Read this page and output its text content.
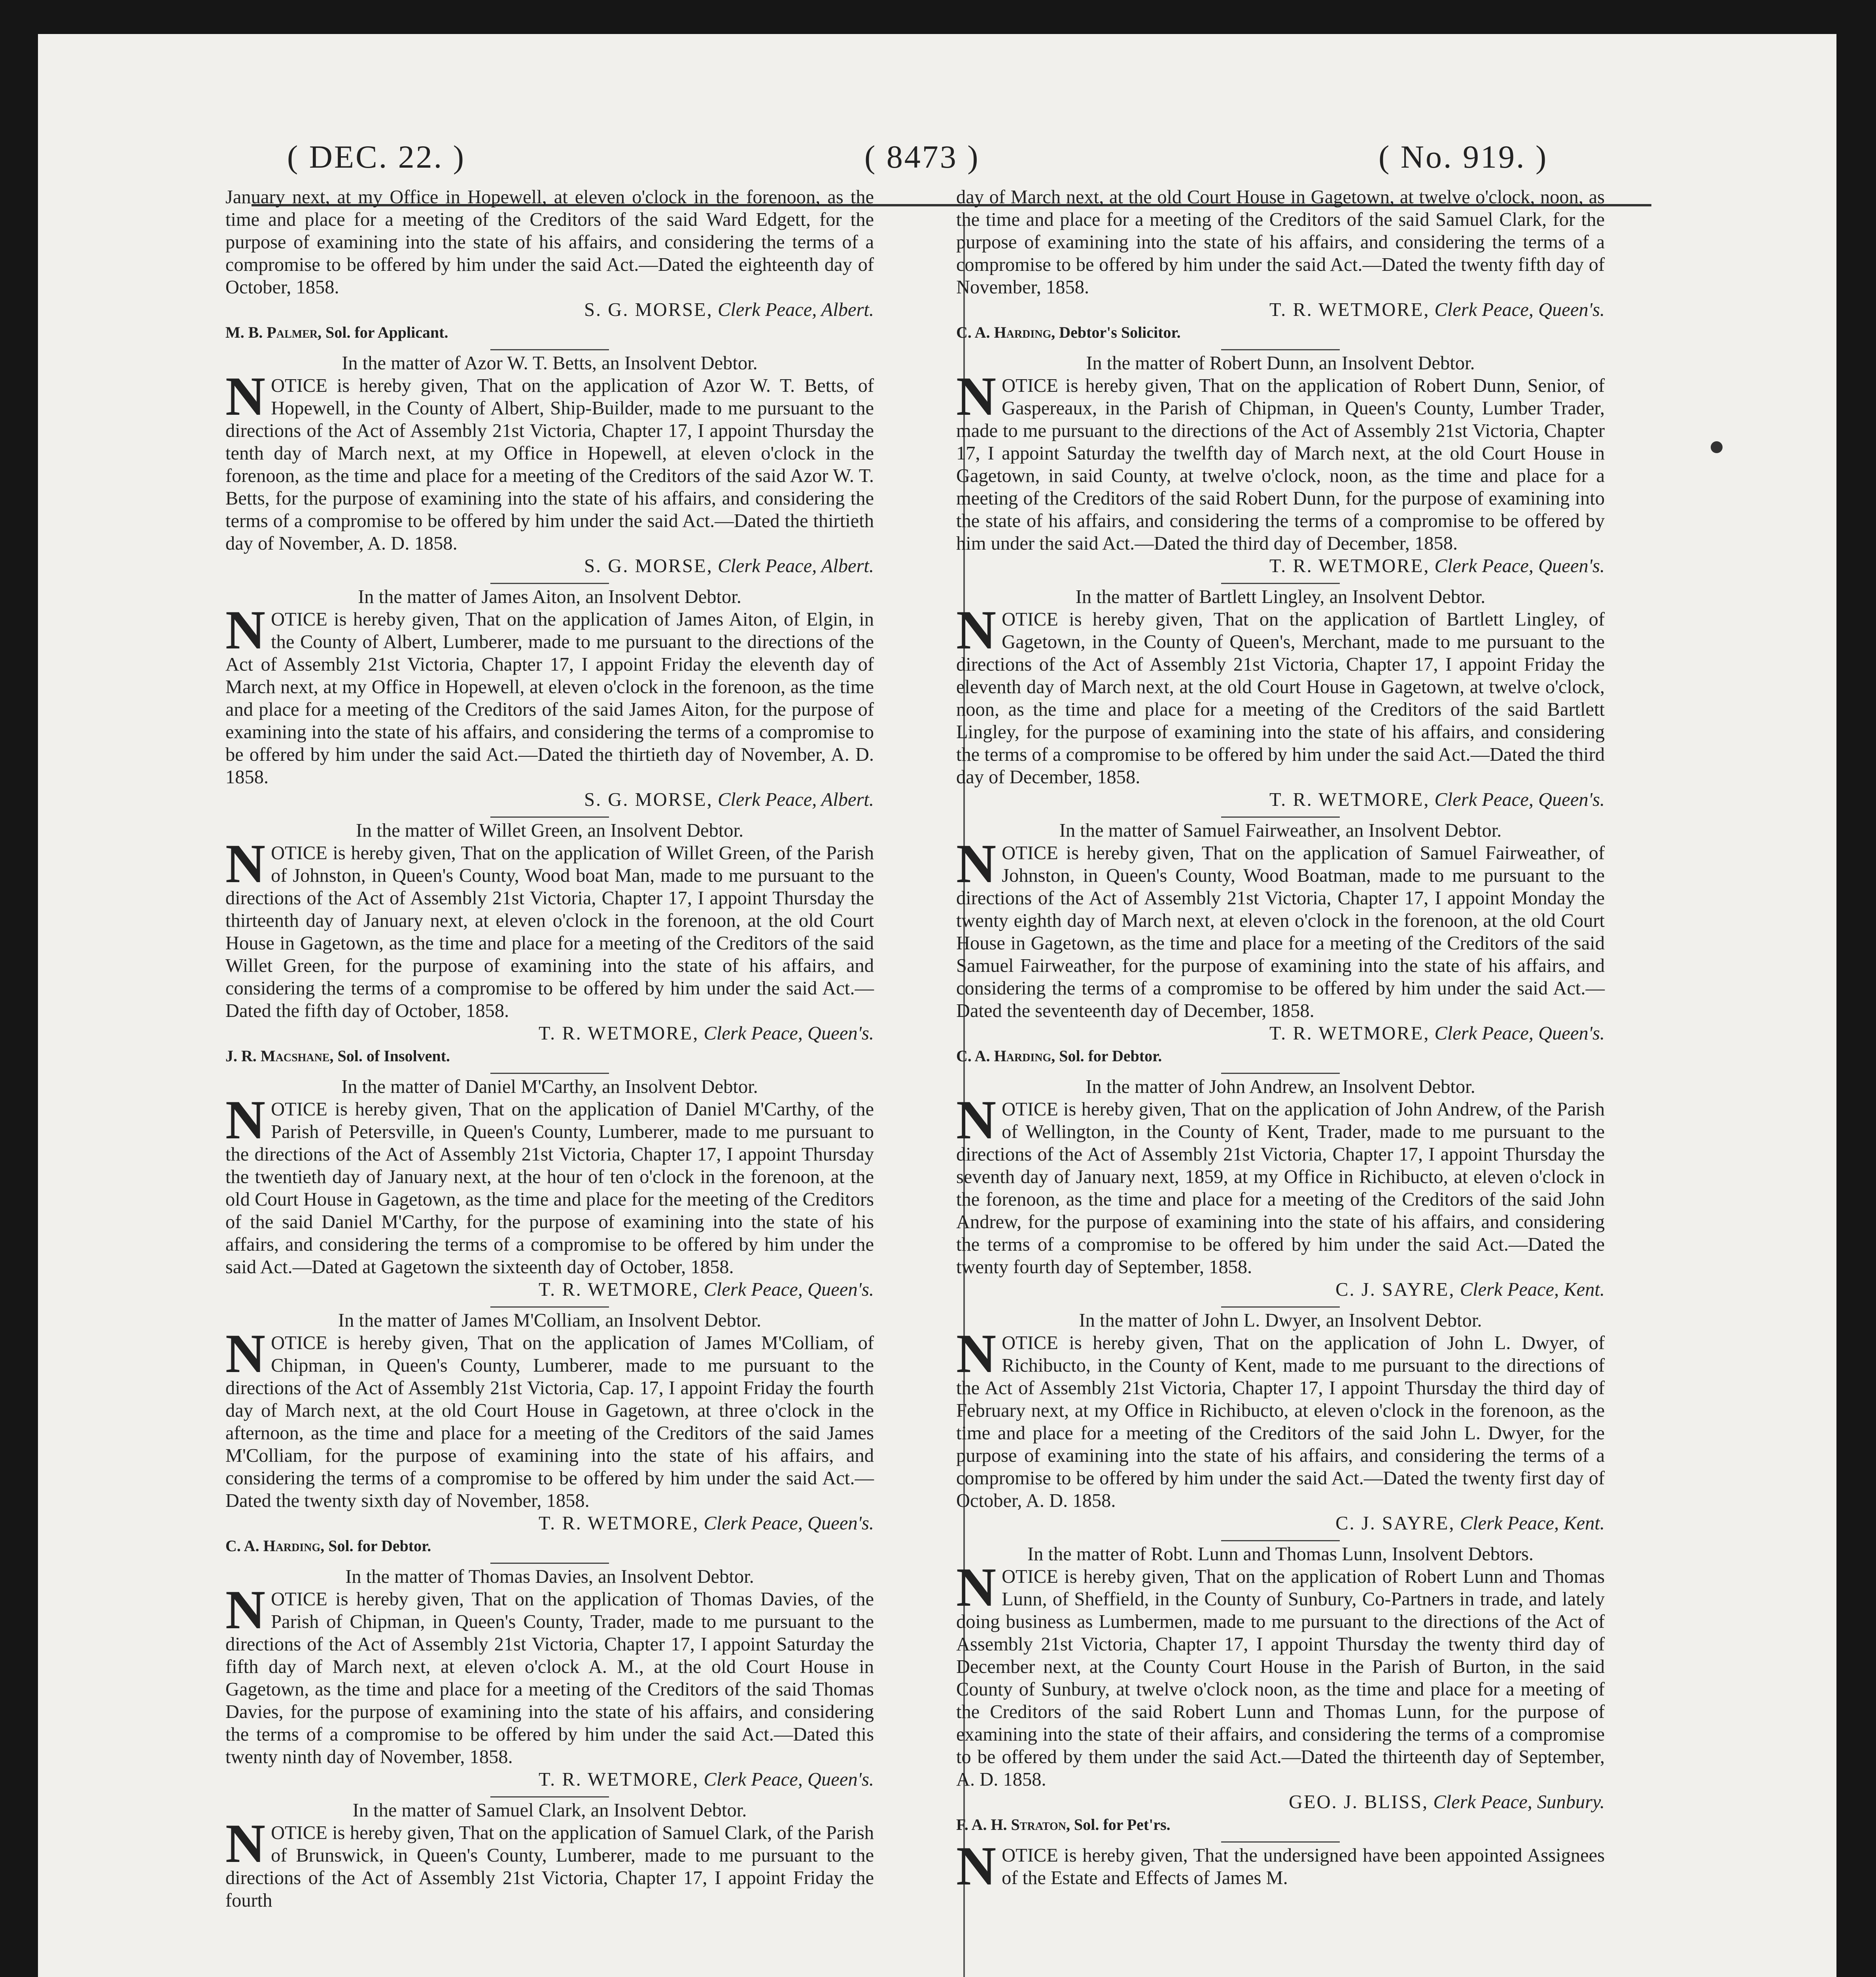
( DEC. 22. )	( 8473 )	( No. 919. )

January next, at my Office in Hopewell, at eleven o'clock in the forenoon, as the time and place for a meeting of the Creditors of the said Ward Edgett, for the purpose of examining into the state of his affairs, and considering the terms of a compromise to be offered by him under the said Act.—Dated the eighteenth day of October, 1858.

S. G. MORSE, Clerk Peace, Albert.

M. B. Palmer, Sol. for Applicant.

In the matter of Azor W. T. Betts, an Insolvent Debtor.

NOTICE is hereby given, That on the application of Azor W. T. Betts, of Hopewell, in the County of Albert, Ship-Builder, made to me pursuant to the directions of the Act of Assembly 21st Victoria, Chapter 17, I appoint Thursday the tenth day of March next, at my Office in Hopewell, at eleven o'clock in the forenoon, as the time and place for a meeting of the Creditors of the said Azor W. T. Betts, for the purpose of examining into the state of his affairs, and considering the terms of a compromise to be offered by him under the said Act.—Dated the thirtieth day of November, A. D. 1858.

S. G. MORSE, Clerk Peace, Albert.

In the matter of James Aiton, an Insolvent Debtor.

NOTICE is hereby given, That on the application of James Aiton, of Elgin, in the County of Albert, Lumberer, made to me pursuant to the directions of the Act of Assembly 21st Victoria, Chapter 17, I appoint Friday the eleventh day of March next, at my Office in Hopewell, at eleven o'clock in the forenoon, as the time and place for a meeting of the Creditors of the said James Aiton, for the purpose of examining into the state of his affairs, and considering the terms of a compromise to be offered by him under the said Act.—Dated the thirtieth day of November, A. D. 1858.

S. G. MORSE, Clerk Peace, Albert.

In the matter of Willet Green, an Insolvent Debtor.

NOTICE is hereby given, That on the application of Willet Green, of the Parish of Johnston, in Queen's County, Wood boat Man, made to me pursuant to the directions of the Act of Assembly 21st Victoria, Chapter 17, I appoint Thursday the thirteenth day of January next, at eleven o'clock in the forenoon, at the old Court House in Gagetown, as the time and place for a meeting of the Creditors of the said Willet Green, for the purpose of examining into the state of his affairs, and considering the terms of a compromise to be offered by him under the said Act.—Dated the fifth day of October, 1858.

T. R. WETMORE, Clerk Peace, Queen's.

J. R. Macshane, Sol. of Insolvent.

In the matter of Daniel M'Carthy, an Insolvent Debtor.

NOTICE is hereby given, That on the application of Daniel M'Carthy, of the Parish of Petersville, in Queen's County, Lumberer, made to me pursuant to the directions of the Act of Assembly 21st Victoria, Chapter 17, I appoint Thursday the twentieth day of January next, at the hour of ten o'clock in the forenoon, at the old Court House in Gagetown, as the time and place for the meeting of the Creditors of the said Daniel M'Carthy, for the purpose of examining into the state of his affairs, and considering the terms of a compromise to be offered by him under the said Act.—Dated at Gagetown the sixteenth day of October, 1858.

T. R. WETMORE, Clerk Peace, Queen's.

In the matter of James M'Colliam, an Insolvent Debtor.

NOTICE is hereby given, That on the application of James M'Colliam, of Chipman, in Queen's County, Lumberer, made to me pursuant to the directions of the Act of Assembly 21st Victoria, Cap. 17, I appoint Friday the fourth day of March next, at the old Court House in Gagetown, at three o'clock in the afternoon, as the time and place for a meeting of the Creditors of the said James M'Colliam, for the purpose of examining into the state of his affairs, and considering the terms of a compromise to be offered by him under the said Act.—Dated the twenty sixth day of November, 1858.

T. R. WETMORE, Clerk Peace, Queen's.

C. A. Harding, Sol. for Debtor.

In the matter of Thomas Davies, an Insolvent Debtor.

NOTICE is hereby given, That on the application of Thomas Davies, of the Parish of Chipman, in Queen's County, Trader, made to me pursuant to the directions of the Act of Assembly 21st Victoria, Chapter 17, I appoint Saturday the fifth day of March next, at eleven o'clock A. M., at the old Court House in Gagetown, as the time and place for a meeting of the Creditors of the said Thomas Davies, for the purpose of examining into the state of his affairs, and considering the terms of a compromise to be offered by him under the said Act.—Dated this twenty ninth day of November, 1858.

T. R. WETMORE, Clerk Peace, Queen's.

In the matter of Samuel Clark, an Insolvent Debtor.

NOTICE is hereby given, That on the application of Samuel Clark, of the Parish of Brunswick, in Queen's County, Lumberer, made to me pursuant to the directions of the Act of Assembly 21st Victoria, Chapter 17, I appoint Friday the fourth

day of March next, at the old Court House in Gagetown, at twelve o'clock, noon, as the time and place for a meeting of the Creditors of the said Samuel Clark, for the purpose of examining into the state of his affairs, and considering the terms of a compromise to be offered by him under the said Act.—Dated the twenty fifth day of November, 1858.

T. R. WETMORE, Clerk Peace, Queen's.

C. A. Harding, Debtor's Solicitor.

In the matter of Robert Dunn, an Insolvent Debtor.

NOTICE is hereby given, That on the application of Robert Dunn, Senior, of Gaspereaux, in the Parish of Chipman, in Queen's County, Lumber Trader, made to me pursuant to the directions of the Act of Assembly 21st Victoria, Chapter 17, I appoint Saturday the twelfth day of March next, at the old Court House in Gagetown, in said County, at twelve o'clock, noon, as the time and place for a meeting of the Creditors of the said Robert Dunn, for the purpose of examining into the state of his affairs, and considering the terms of a compromise to be offered by him under the said Act.—Dated the third day of December, 1858.

T. R. WETMORE, Clerk Peace, Queen's.

In the matter of Bartlett Lingley, an Insolvent Debtor.

NOTICE is hereby given, That on the application of Bartlett Lingley, of Gagetown, in the County of Queen's, Merchant, made to me pursuant to the directions of the Act of Assembly 21st Victoria, Chapter 17, I appoint Friday the eleventh day of March next, at the old Court House in Gagetown, at twelve o'clock, noon, as the time and place for a meeting of the Creditors of the said Bartlett Lingley, for the purpose of examining into the state of his affairs, and considering the terms of a compromise to be offered by him under the said Act.—Dated the third day of December, 1858.

T. R. WETMORE, Clerk Peace, Queen's.

In the matter of Samuel Fairweather, an Insolvent Debtor.

NOTICE is hereby given, That on the application of Samuel Fairweather, of Johnston, in Queen's County, Wood Boatman, made to me pursuant to the directions of the Act of Assembly 21st Victoria, Chapter 17, I appoint Monday the twenty eighth day of March next, at eleven o'clock in the forenoon, at the old Court House in Gagetown, as the time and place for a meeting of the Creditors of the said Samuel Fairweather, for the purpose of examining into the state of his affairs, and considering the terms of a compromise to be offered by him under the said Act.—Dated the seventeenth day of December, 1858.

T. R. WETMORE, Clerk Peace, Queen's.

C. A. Harding, Sol. for Debtor.

In the matter of John Andrew, an Insolvent Debtor.

NOTICE is hereby given, That on the application of John Andrew, of the Parish of Wellington, in the County of Kent, Trader, made to me pursuant to the directions of the Act of Assembly 21st Victoria, Chapter 17, I appoint Thursday the seventh day of January next, 1859, at my Office in Richibucto, at eleven o'clock in the forenoon, as the time and place for a meeting of the Creditors of the said John Andrew, for the purpose of examining into the state of his affairs, and considering the terms of a compromise to be offered by him under the said Act.—Dated the twenty fourth day of September, 1858.

C. J. SAYRE, Clerk Peace, Kent.

In the matter of John L. Dwyer, an Insolvent Debtor.

NOTICE is hereby given, That on the application of John L. Dwyer, of Richibucto, in the County of Kent, made to me pursuant to the directions of the Act of Assembly 21st Victoria, Chapter 17, I appoint Thursday the third day of February next, at my Office in Richibucto, at eleven o'clock in the forenoon, as the time and place for a meeting of the Creditors of the said John L. Dwyer, for the purpose of examining into the state of his affairs, and considering the terms of a compromise to be offered by him under the said Act.—Dated the twenty first day of October, A. D. 1858.

C. J. SAYRE, Clerk Peace, Kent.

In the matter of Robt. Lunn and Thomas Lunn, Insolvent Debtors.

NOTICE is hereby given, That on the application of Robert Lunn and Thomas Lunn, of Sheffield, in the County of Sunbury, Co-Partners in trade, and lately doing business as Lumbermen, made to me pursuant to the directions of the Act of Assembly 21st Victoria, Chapter 17, I appoint Thursday the twenty third day of December next, at the County Court House in the Parish of Burton, in the said County of Sunbury, at twelve o'clock noon, as the time and place for a meeting of the Creditors of the said Robert Lunn and Thomas Lunn, for the purpose of examining into the state of their affairs, and considering the terms of a compromise to be offered by them under the said Act.—Dated the thirteenth day of September, A. D. 1858.

GEO. J. BLISS, Clerk Peace, Sunbury.

F. A. H. Straton, Sol. for Pet'rs.

NOTICE is hereby given, That the undersigned have been appointed Assignees of the Estate and Effects of James M.
